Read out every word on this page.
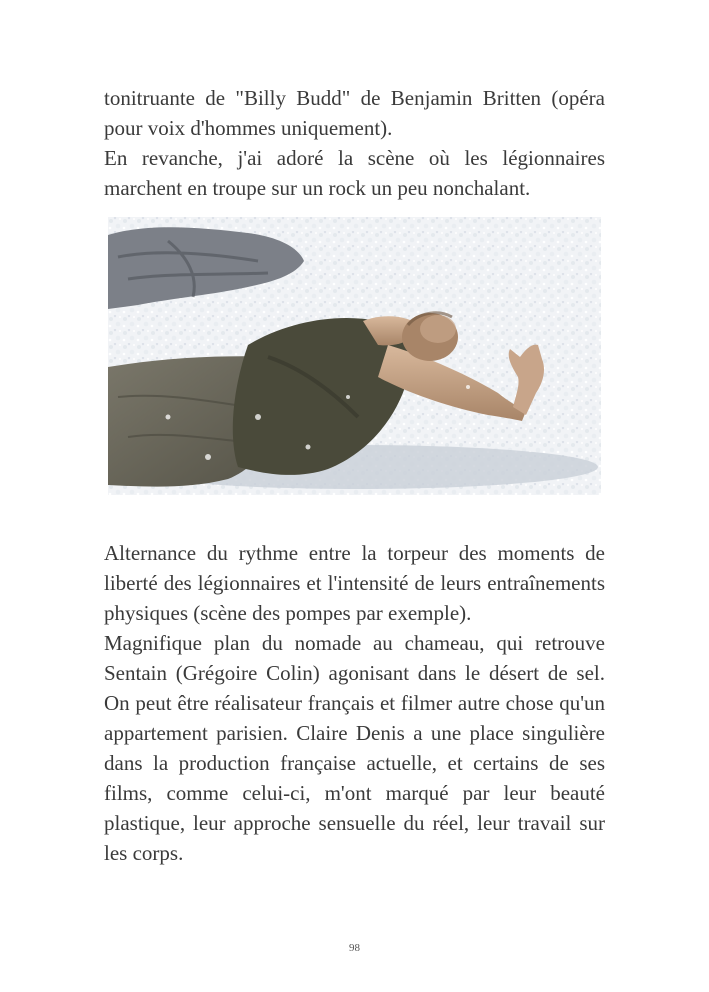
tonitruante de "Billy Budd" de Benjamin Britten (opéra pour voix d'hommes uniquement).

En revanche, j'ai adoré la scène où les légionnaires marchent en troupe sur un rock un peu nonchalant.

Alternance du rythme entre la torpeur des moments de liberté des légionnaires et l'intensité de leurs entraînements physiques (scène des pompes par exemple).

Magnifique plan du nomade au chameau, qui retrouve Sentain (Grégoire Colin) agonisant dans le désert de sel. On peut être réalisateur français et filmer autre chose qu'un appartement parisien. Claire Denis a une place singulière dans la production française actuelle, et certains de ses films, comme celui-ci, m'ont marqué par leur beauté plastique, leur approche sensuelle du réel, leur travail sur les corps.

98
